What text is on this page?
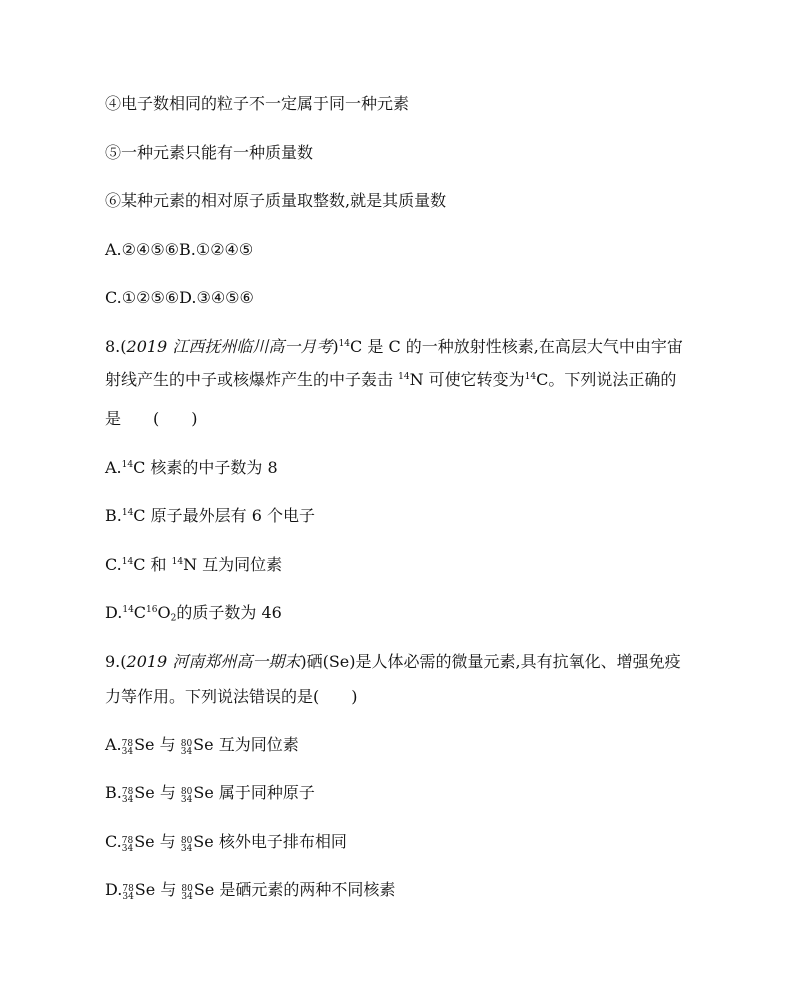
④电子数相同的粒子不一定属于同一种元素
⑤一种元素只能有一种质量数
⑥某种元素的相对原子质量取整数,就是其质量数
A.②④⑤⑥B.①②④⑤
C.①②⑤⑥D.③④⑤⑥
8.(2019 江西抚州临川高一月考)$^{14}$C 是 C 的一种放射性核素,在高层大气中由宇宙
射线产生的中子或核爆炸产生的中子轰击 $^{14}$N 可使它转变为$^{14}$C。下列说法正确的
是　　(　　)
A.$^{14}$C 核素的中子数为 8
B.$^{14}$C 原子最外层有 6 个电子
C.$^{14}$C 和 $^{14}$N 互为同位素
$D.^{14}C^{16}O_2$的质子数为 46
9.(2019 河南郑州高一期末)硒(Se)是人体必需的微量元素,具有抗氧化、增强免疫
力等作用。下列说法错误的是(　　)
A. 78
34 Se 与 80
34 Se 互为同位素
B. 78
34 Se 与 80
34 Se 属于同种原子
C. 78
34 Se 与 80
34 Se 核外电子排布相同
D. 78
34 Se 与 80
34 Se 是硒元素的两种不同核素
